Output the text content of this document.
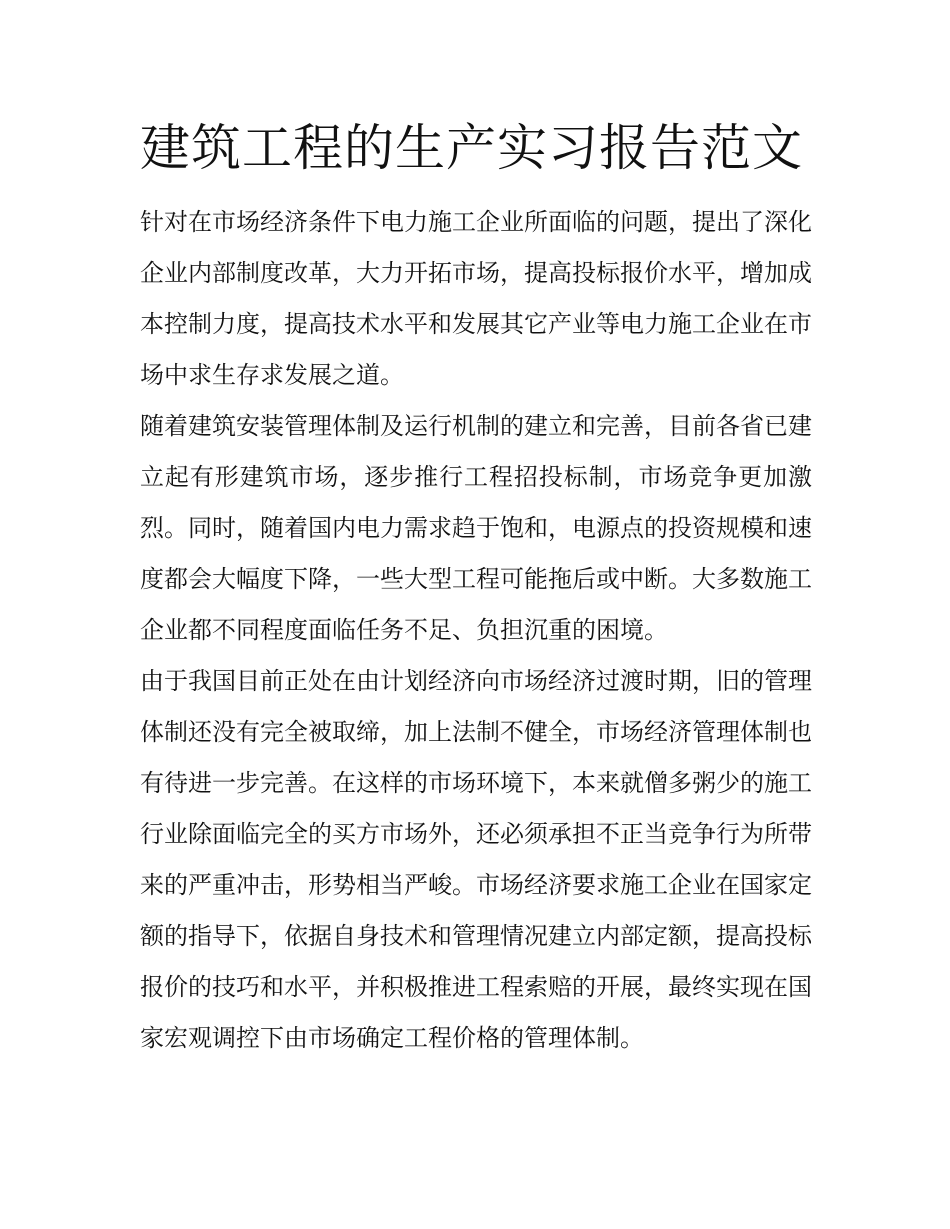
建筑工程的生产实习报告范文

针对在市场经济条件下电力施工企业所面临的问题，提出了深化企业内部制度改革，大力开拓市场，提高投标报价水平，增加成本控制力度，提高技术水平和发展其它产业等电力施工企业在市场中求生存求发展之道。

随着建筑安装管理体制及运行机制的建立和完善，目前各省已建立起有形建筑市场，逐步推行工程招投标制，市场竞争更加激烈。同时，随着国内电力需求趋于饱和，电源点的投资规模和速度都会大幅度下降，一些大型工程可能拖后或中断。大多数施工企业都不同程度面临任务不足、负担沉重的困境。

由于我国目前正处在由计划经济向市场经济过渡时期，旧的管理体制还没有完全被取缔，加上法制不健全，市场经济管理体制也有待进一步完善。在这样的市场环境下，本来就僧多粥少的施工行业除面临完全的买方市场外，还必须承担不正当竞争行为所带来的严重冲击，形势相当严峻。市场经济要求施工企业在国家定额的指导下，依据自身技术和管理情况建立内部定额，提高投标报价的技巧和水平，并积极推进工程索赔的开展，最终实现在国家宏观调控下由市场确定工程价格的管理体制。
